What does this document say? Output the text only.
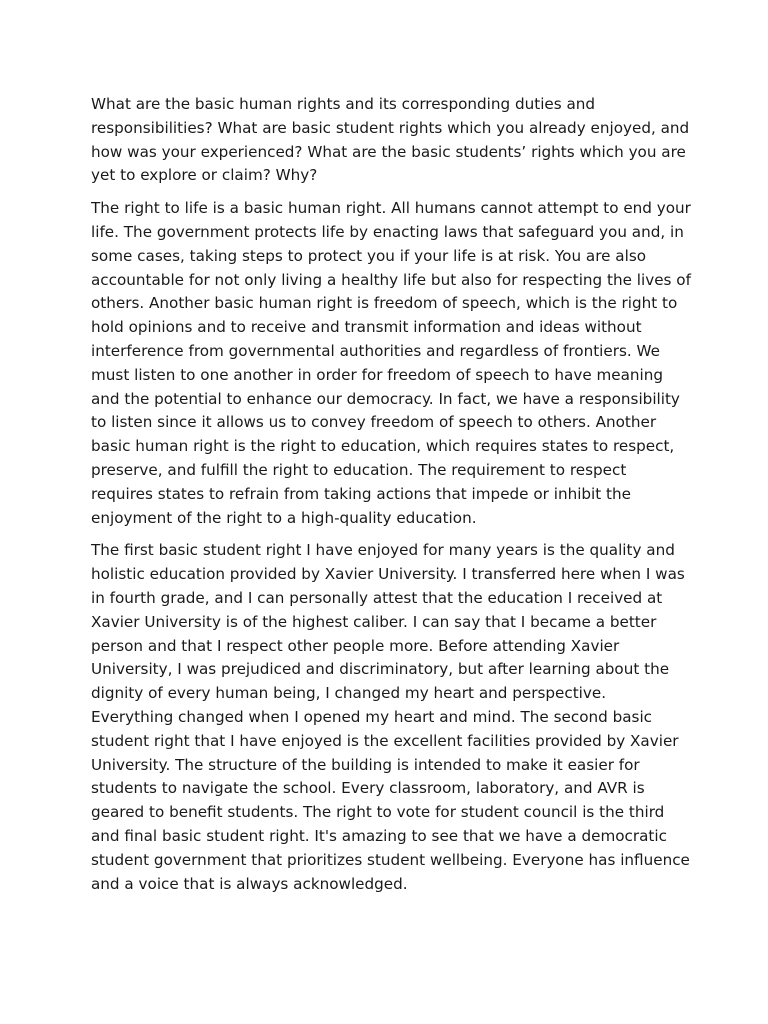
What are the basic human rights and its corresponding duties and responsibilities? What are basic student rights which you already enjoyed, and how was your experienced? What are the basic students’ rights which you are yet to explore or claim? Why?

The right to life is a basic human right. All humans cannot attempt to end your life. The government protects life by enacting laws that safeguard you and, in some cases, taking steps to protect you if your life is at risk. You are also accountable for not only living a healthy life but also for respecting the lives of others. Another basic human right is freedom of speech, which is the right to hold opinions and to receive and transmit information and ideas without interference from governmental authorities and regardless of frontiers. We must listen to one another in order for freedom of speech to have meaning and the potential to enhance our democracy. In fact, we have a responsibility to listen since it allows us to convey freedom of speech to others. Another basic human right is the right to education, which requires states to respect, preserve, and fulfill the right to education. The requirement to respect requires states to refrain from taking actions that impede or inhibit the enjoyment of the right to a high-quality education.

The first basic student right I have enjoyed for many years is the quality and holistic education provided by Xavier University. I transferred here when I was in fourth grade, and I can personally attest that the education I received at Xavier University is of the highest caliber. I can say that I became a better person and that I respect other people more. Before attending Xavier University, I was prejudiced and discriminatory, but after learning about the dignity of every human being, I changed my heart and perspective. Everything changed when I opened my heart and mind. The second basic student right that I have enjoyed is the excellent facilities provided by Xavier University. The structure of the building is intended to make it easier for students to navigate the school. Every classroom, laboratory, and AVR is geared to benefit students. The right to vote for student council is the third and final basic student right. It's amazing to see that we have a democratic student government that prioritizes student wellbeing. Everyone has influence and a voice that is always acknowledged.
